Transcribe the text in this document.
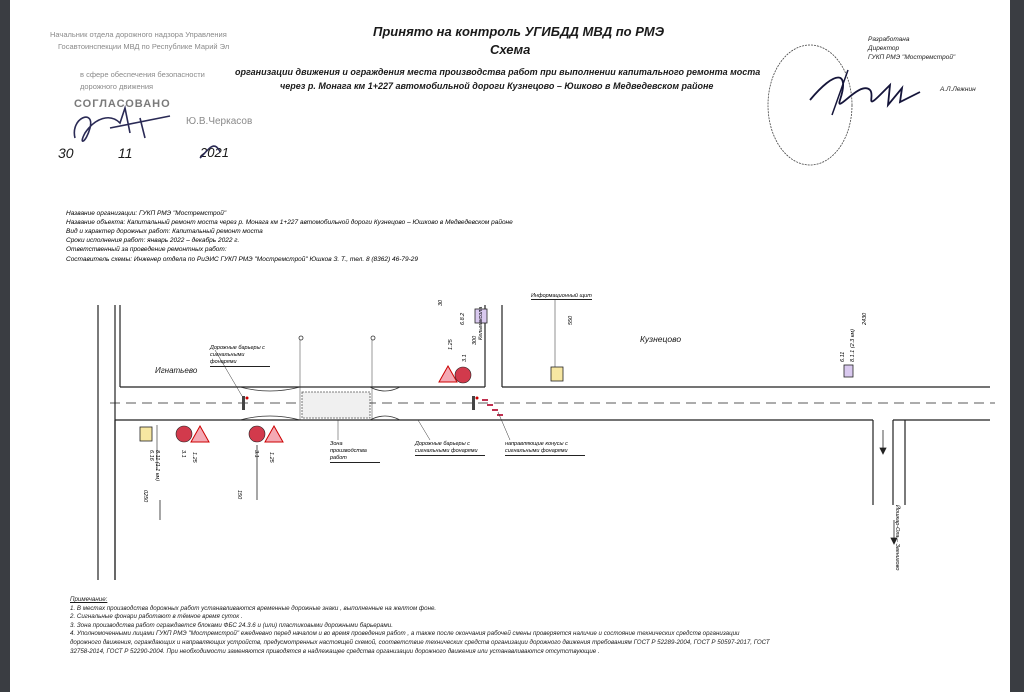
Начальник отдела дорожного надзора Управления
Госавтоинспекции МВД по Республике Марий Эл
в сфере обеспечения безопасности
дорожного движения
СОГЛАСОВАНО
Ю.В.Черкасов
30	11	2021
Принято на контроль УГИБДД МВД по РМЭ
Схема
организации движения и ограждения места производства работ при выполнении капитального ремонта моста
через р. Монага км 1+227 автомобильной дороги Кузнецово – Юшково в Медведевском районе
Разработана
Директор
ГУКП РМЭ "Мостремстрой"
А.Л.Лежнин
Название организации: ГУКП РМЭ "Мостремстрой"
Название объекта: Капитальный ремонт моста через р. Монага км 1+227 автомобильной дороги Кузнецово – Юшково в Медведевском районе
Вид и характер дорожных работ: Капитальный ремонт моста
Сроки исполнения работ: январь 2022 – декабрь 2022 г.
Ответственный за проведение ремонтных работ:
Составитель схемы: Инженер отдела по РиЭИС ГУКП РМЭ "Мостремстрой" Юшков З. Т., тел. 8 (8362) 46-79-29
Игнатьево
Кузнецово
Информационный щит
Дорожные барьеры с сигнальными фонарями
Зона производства работ
Дорожные барьеры с сигнальными фонарями
направляющие конусы с сигнальными фонарями
Кельмаксола
Йошкар-Ола – Звенигово
1.25
3.1	1.25
3.1
6.16 8.11 (1.1 км)
0250	150
1.25
3.1
300
6.8.2
30
550
6.11 8.1.1 (2.3 км)
2430
Примечание:
1. В местах производства дорожных работ устанавливаются временные дорожные знаки , выполненные на желтом фоне.
2. Сигнальные фонари работают в тёмное время суток .
3. Зона производства работ ограждается блоками ФБС 24.3.6 и (или) пластиковыми дорожными барьерами.
4. Уполномоченными лицами ГУКП РМЭ "Мостремстрой" ежедневно перед началом и во время проведения работ , а также после окончания рабочей смены проверяется наличие и состояние технических средств организации
дорожного движения, ограждающих и направляющих устройств, предусмотренных настоящей схемой, соответствие технических средств организации дорожного движения требованиям ГОСТ Р 52289-2004, ГОСТ Р 50597-2017, ГОСТ
32758-2014, ГОСТ Р 52290-2004. При необходимости заменяются приводятся в надлежащее средства организации дорожного движения или устанавливаются отсутствующие .
